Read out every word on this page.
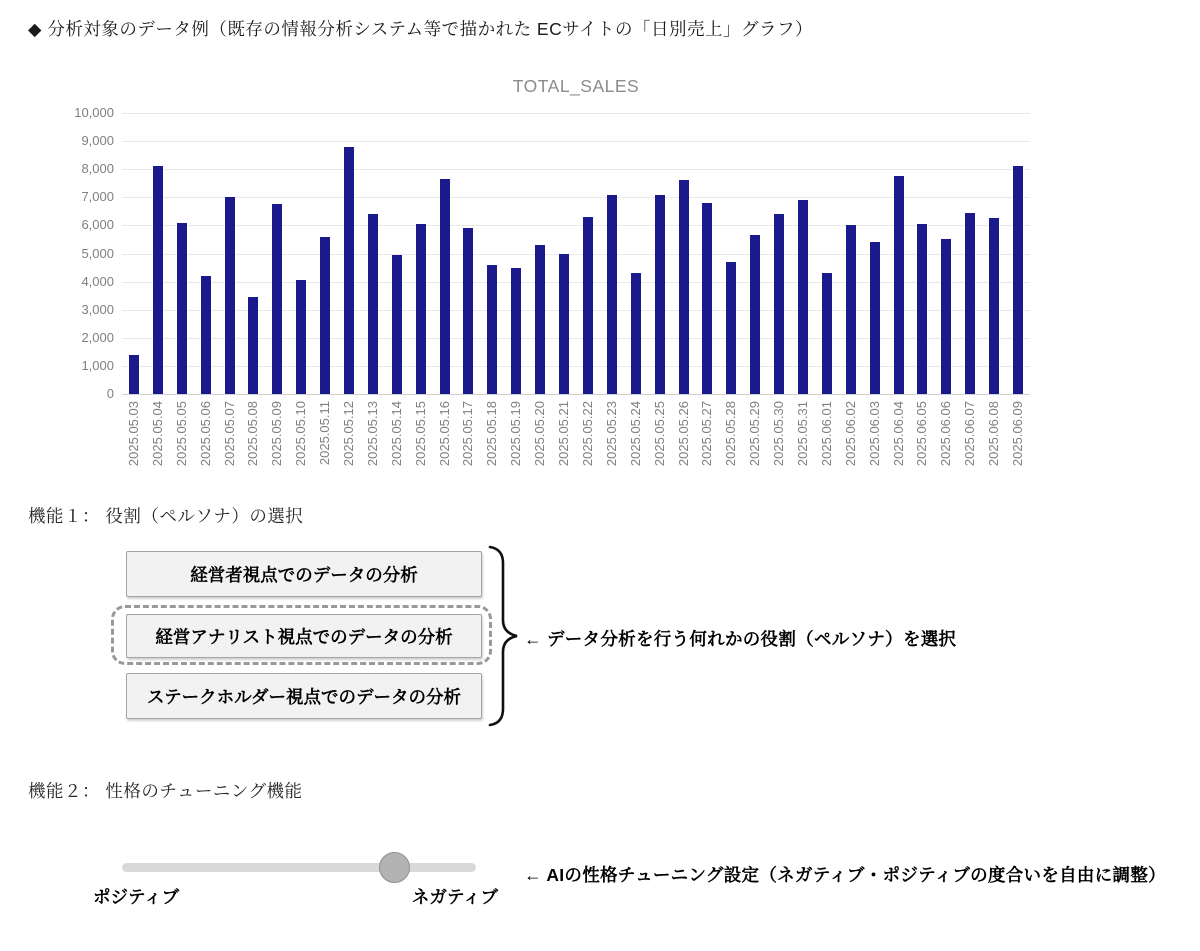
◆ 分析対象のデータ例（既存の情報分析システム等で描かれた ECサイトの「日別売上」グラフ）
TOTAL_SALES
0
1,000
2,000
3,000
4,000
5,000
6,000
7,000
8,000
9,000
10,000
2025.05.03 2025.05.04 2025.05.05 2025.05.06 2025.05.07 2025.05.08 2025.05.09 2025.05.10 2025.05.11 2025.05.12 2025.05.13 2025.05.14 2025.05.15 2025.05.16 2025.05.17 2025.05.18 2025.05.19 2025.05.20 2025.05.21 2025.05.22 2025.05.23 2025.05.24 2025.05.25 2025.05.26 2025.05.27 2025.05.28 2025.05.29 2025.05.30 2025.05.31 2025.06.01 2025.06.02 2025.06.03 2025.06.04 2025.06.05 2025.06.06 2025.06.07 2025.06.08 2025.06.09
機能１： 役割（ペルソナ）の選択
経営者視点でのデータの分析
経営アナリスト視点でのデータの分析
ステークホルダー視点でのデータの分析
← データ分析を行う何れかの役割（ペルソナ）を選択
機能２： 性格のチューニング機能
ポジティブ	ネガティブ
← AIの性格チューニング設定（ネガティブ・ポジティブの度合いを自由に調整）
